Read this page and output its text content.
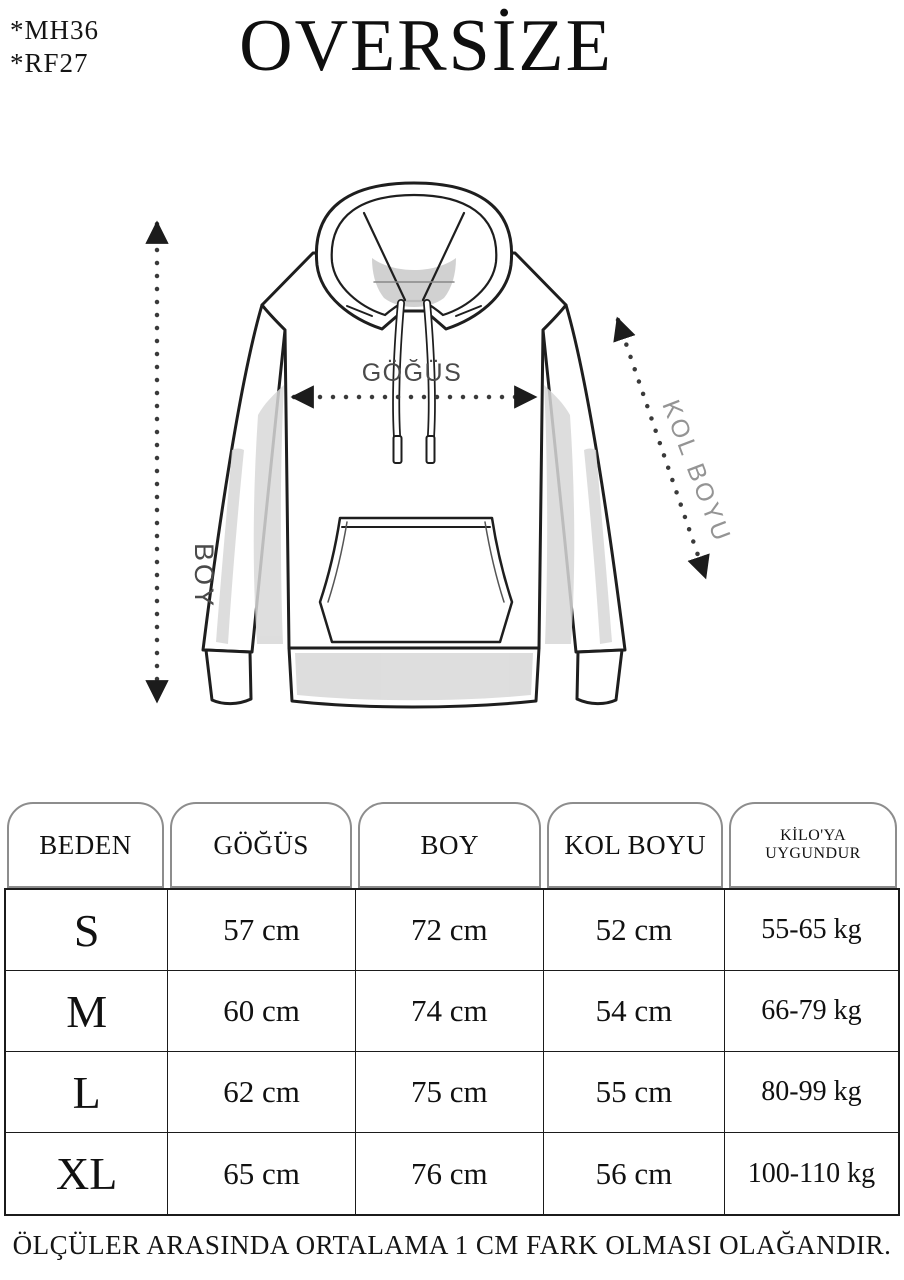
*MH36
*RF27	OVERSİZE
GÖĞÜS
BOY
KOL BOYU
BEDEN	GÖĞÜS	BOY	KOL BOYU	KİLO'YA UYGUNDUR
S	57 cm	72 cm	52 cm	55-65 kg
M	60 cm	74 cm	54 cm	66-79 kg
L	62 cm	75 cm	55 cm	80-99 kg
XL	65 cm	76 cm	56 cm	100-110 kg
ÖLÇÜLER ARASINDA ORTALAMA 1 CM FARK OLMASI OLAĞANDIR.
